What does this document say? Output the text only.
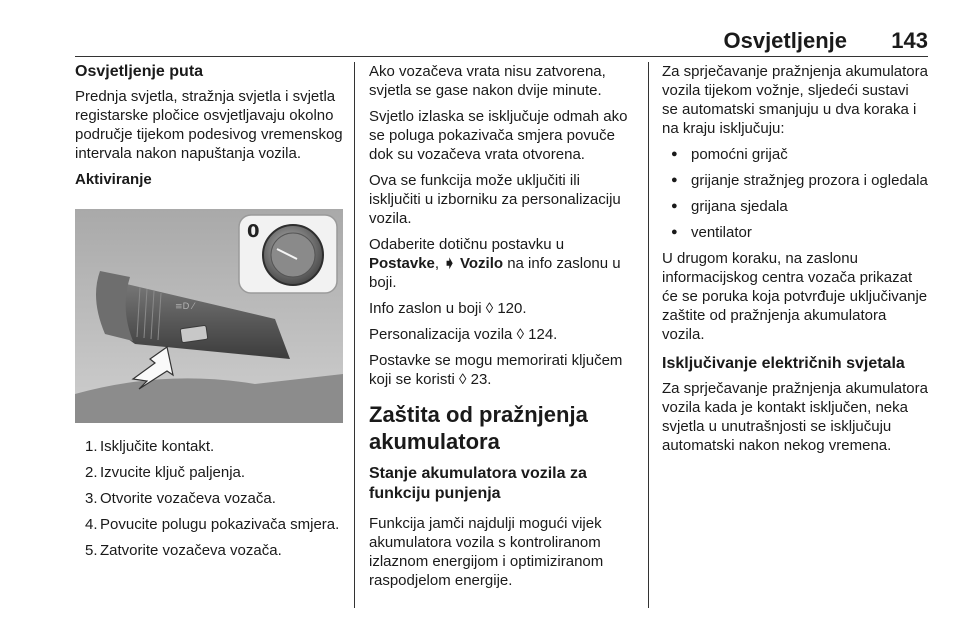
Osvjetljenje 143
Osvjetljenje puta

Prednja svjetla, stražnja svjetla i svjetla registarske pločice osvjetljavaju okolno područje tijekom podesivog vremenskog intervala nakon napuštanja vozila.

Aktiviranje
≡D ⁄
0
1. Isključite kontakt.
2. Izvucite ključ paljenja.
3. Otvorite vozačeva vozača.
4. Povucite polugu pokazivača smjera.
5. Zatvorite vozačeva vozača.

Ako vozačeva vrata nisu zatvorena, svjetla se gase nakon dvije minute.

Svjetlo izlaska se isključuje odmah ako se poluga pokazivača smjera povuče dok su vozačeva vrata otvorena.

Ova se funkcija može uključiti ili isključiti u izborniku za personalizaciju vozila.

Odaberite dotičnu postavku u
Postavke, ➧ Vozilo na info zaslonu u boji.

Info zaslon u boji ◊ 120.

Personalizacija vozila ◊ 124.

Postavke se mogu memorirati ključem koji se koristi ◊ 23.

Zaštita od pražnjenja akumulatora
Stanje akumulatora vozila za funkciju punjenja

Funkcija jamči najdulji mogući vijek akumulatora vozila s kontroliranom izlaznom energijom i optimiziranom raspodjelom energije.

Za sprječavanje pražnjenja akumulatora vozila tijekom vožnje, sljedeći sustavi se automatski smanjuju u dva koraka i na kraju isključuju:

● pomoćni grijač
● grijanje stražnjeg prozora i ogledala
● grijana sjedala
● ventilator

U drugom koraku, na zaslonu informacijskog centra vozača prikazat će se poruka koja potvrđuje uključivanje zaštite od pražnjenja akumulatora vozila.

Isključivanje električnih svjetala

Za sprječavanje pražnjenja akumulatora vozila kada je kontakt isključen, neka svjetla u unutrašnjosti se isključuju automatski nakon nekog vremena.
